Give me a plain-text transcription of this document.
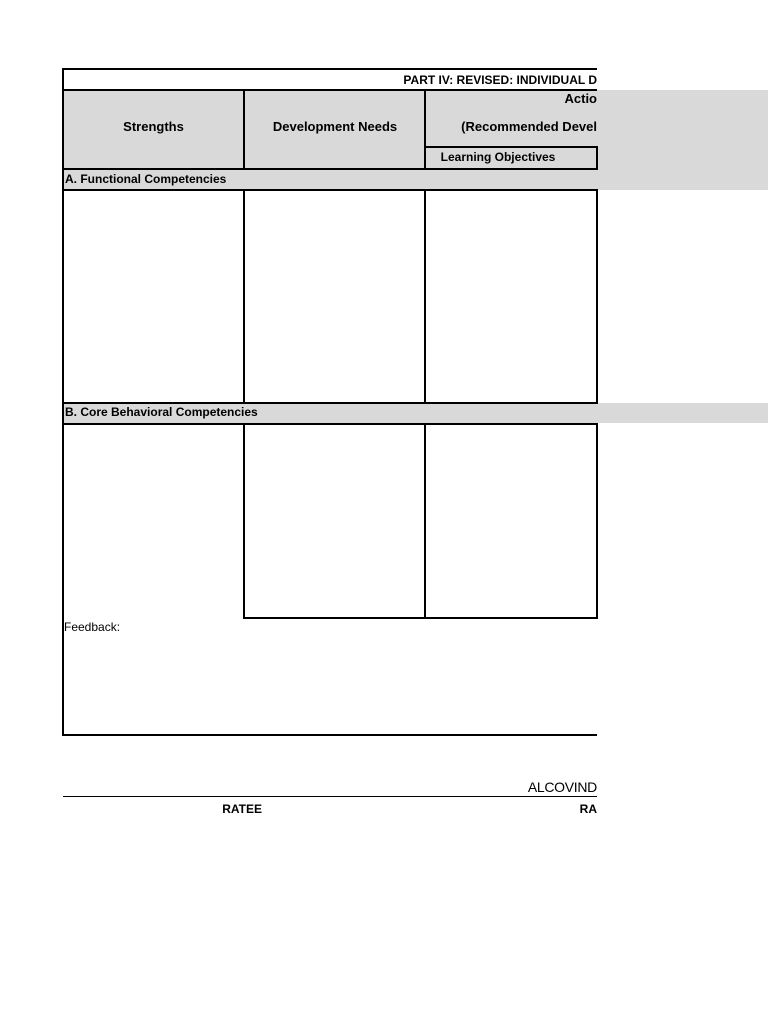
PART IV: REVISED: INDIVIDUAL D
Strengths	Development Needs
Actio
(Recommended Devel
Learning Objectives
A. Functional Competencies
B. Core Behavioral Competencies
Feedback:
ALCOVIND
RATEE	RA
